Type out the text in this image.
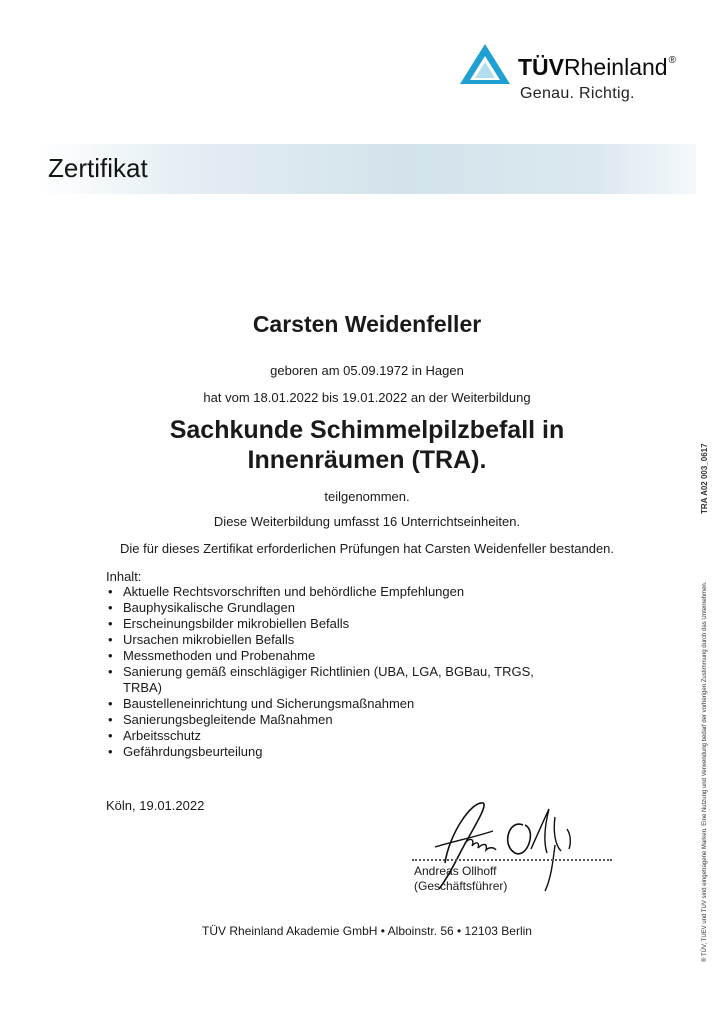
TÜVRheinland®
Genau. Richtig.
Zertifikat
Carsten Weidenfeller
geboren am 05.09.1972 in Hagen
hat vom 18.01.2022 bis 19.01.2022 an der Weiterbildung
Sachkunde Schimmelpilzbefall in
Innenräumen (TRA).
teilgenommen.
Diese Weiterbildung umfasst 16 Unterrichtseinheiten.
Die für dieses Zertifikat erforderlichen Prüfungen hat Carsten Weidenfeller bestanden.
Inhalt:
• Aktuelle Rechtsvorschriften und behördliche Empfehlungen
• Bauphysikalische Grundlagen
• Erscheinungsbilder mikrobiellen Befalls
• Ursachen mikrobiellen Befalls
• Messmethoden und Probenahme
• Sanierung gemäß einschlägiger Richtlinien (UBA, LGA, BGBau, TRGS,
TRBA)
• Baustelleneinrichtung und Sicherungsmaßnahmen
• Sanierungsbegleitende Maßnahmen
• Arbeitsschutz
• Gefährdungsbeurteilung
Köln, 19.01.2022
Andreas Ollhoff
(Geschäftsführer)
TÜV Rheinland Akademie GmbH • Alboinstr. 56 • 12103 Berlin	® TÜV, TUEV und TUV sind eingetragene Marken. Eine Nutzung und Verwendung bedarf der vorherigen Zustimmung durch das Unternehmen.
TRA A02 003_0617
